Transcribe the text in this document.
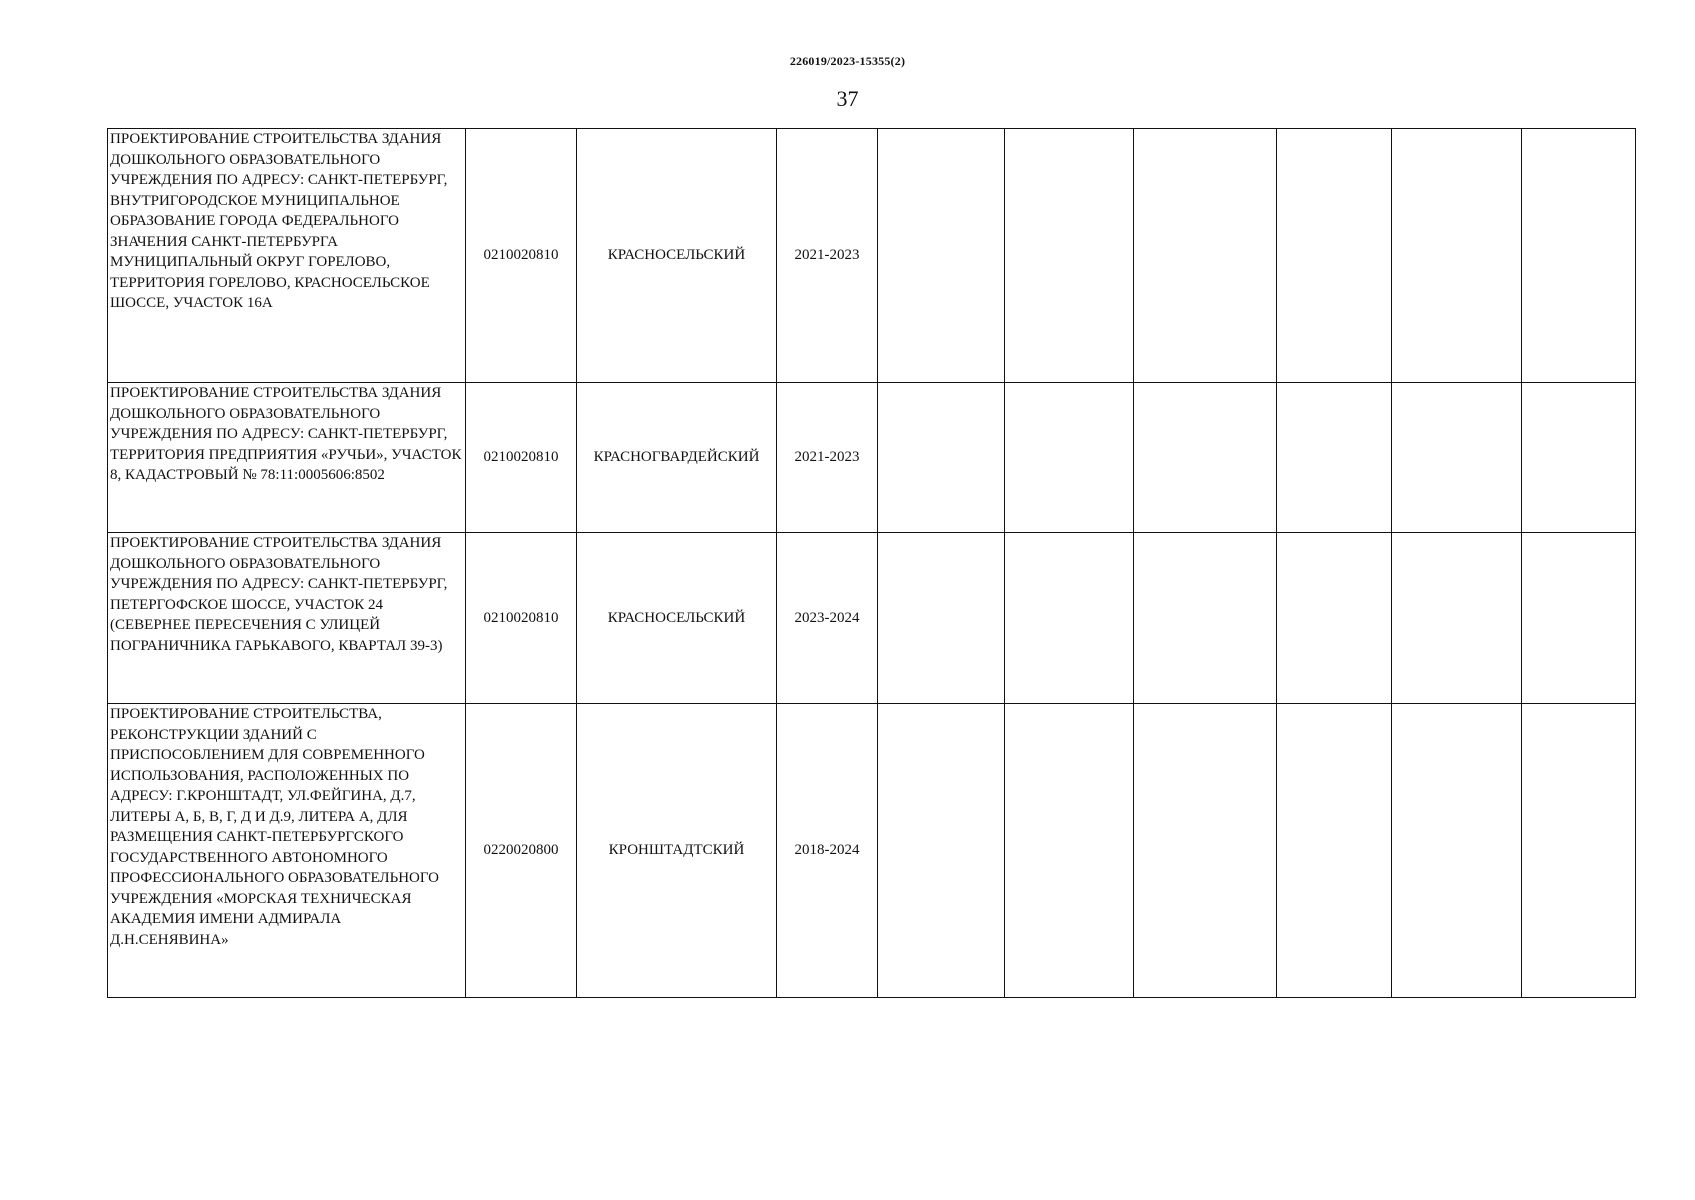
226019/2023-15355(2)
37
ПРОЕКТИРОВАНИЕ СТРОИТЕЛЬСТВА ЗДАНИЯ ДОШКОЛЬНОГО ОБРАЗОВАТЕЛЬНОГО УЧРЕЖДЕНИЯ ПО АДРЕСУ: САНКТ-ПЕТЕРБУРГ, ВНУТРИГОРОДСКОЕ МУНИЦИПАЛЬНОЕ ОБРАЗОВАНИЕ ГОРОДА ФЕДЕРАЛЬНОГО ЗНАЧЕНИЯ САНКТ-ПЕТЕРБУРГА МУНИЦИПАЛЬНЫЙ ОКРУГ ГОРЕЛОВО, ТЕРРИТОРИЯ ГОРЕЛОВО, КРАСНОСЕЛЬСКОЕ ШОССЕ, УЧАСТОК 16А	0210020810	КРАСНОСЕЛЬСКИЙ	2021-2023						
ПРОЕКТИРОВАНИЕ СТРОИТЕЛЬСТВА ЗДАНИЯ ДОШКОЛЬНОГО ОБРАЗОВАТЕЛЬНОГО УЧРЕЖДЕНИЯ ПО АДРЕСУ: САНКТ-ПЕТЕРБУРГ, ТЕРРИТОРИЯ ПРЕДПРИЯТИЯ «РУЧЬИ», УЧАСТОК 8, КАДАСТРОВЫЙ № 78:11:0005606:8502	0210020810	КРАСНОГВАРДЕЙСКИЙ	2021-2023						
ПРОЕКТИРОВАНИЕ СТРОИТЕЛЬСТВА ЗДАНИЯ ДОШКОЛЬНОГО ОБРАЗОВАТЕЛЬНОГО УЧРЕЖДЕНИЯ ПО АДРЕСУ: САНКТ-ПЕТЕРБУРГ, ПЕТЕРГОФСКОЕ ШОССЕ, УЧАСТОК 24 (СЕВЕРНЕЕ ПЕРЕСЕЧЕНИЯ С УЛИЦЕЙ ПОГРАНИЧНИКА ГАРЬКАВОГО, КВАРТАЛ 39-3)	0210020810	КРАСНОСЕЛЬСКИЙ	2023-2024						
ПРОЕКТИРОВАНИЕ СТРОИТЕЛЬСТВА, РЕКОНСТРУКЦИИ ЗДАНИЙ С ПРИСПОСОБЛЕНИЕМ ДЛЯ СОВРЕМЕННОГО ИСПОЛЬЗОВАНИЯ, РАСПОЛОЖЕННЫХ ПО АДРЕСУ: Г.КРОНШТАДТ, УЛ.ФЕЙГИНА, Д.7, ЛИТЕРЫ А, Б, В, Г, Д И Д.9, ЛИТЕРА А, ДЛЯ РАЗМЕЩЕНИЯ САНКТ-ПЕТЕРБУРГСКОГО ГОСУДАРСТВЕННОГО АВТОНОМНОГО ПРОФЕССИОНАЛЬНОГО ОБРАЗОВАТЕЛЬНОГО УЧРЕЖДЕНИЯ «МОРСКАЯ ТЕХНИЧЕСКАЯ АКАДЕМИЯ ИМЕНИ АДМИРАЛА Д.Н.СЕНЯВИНА»	0220020800	КРОНШТАДТСКИЙ	2018-2024						
